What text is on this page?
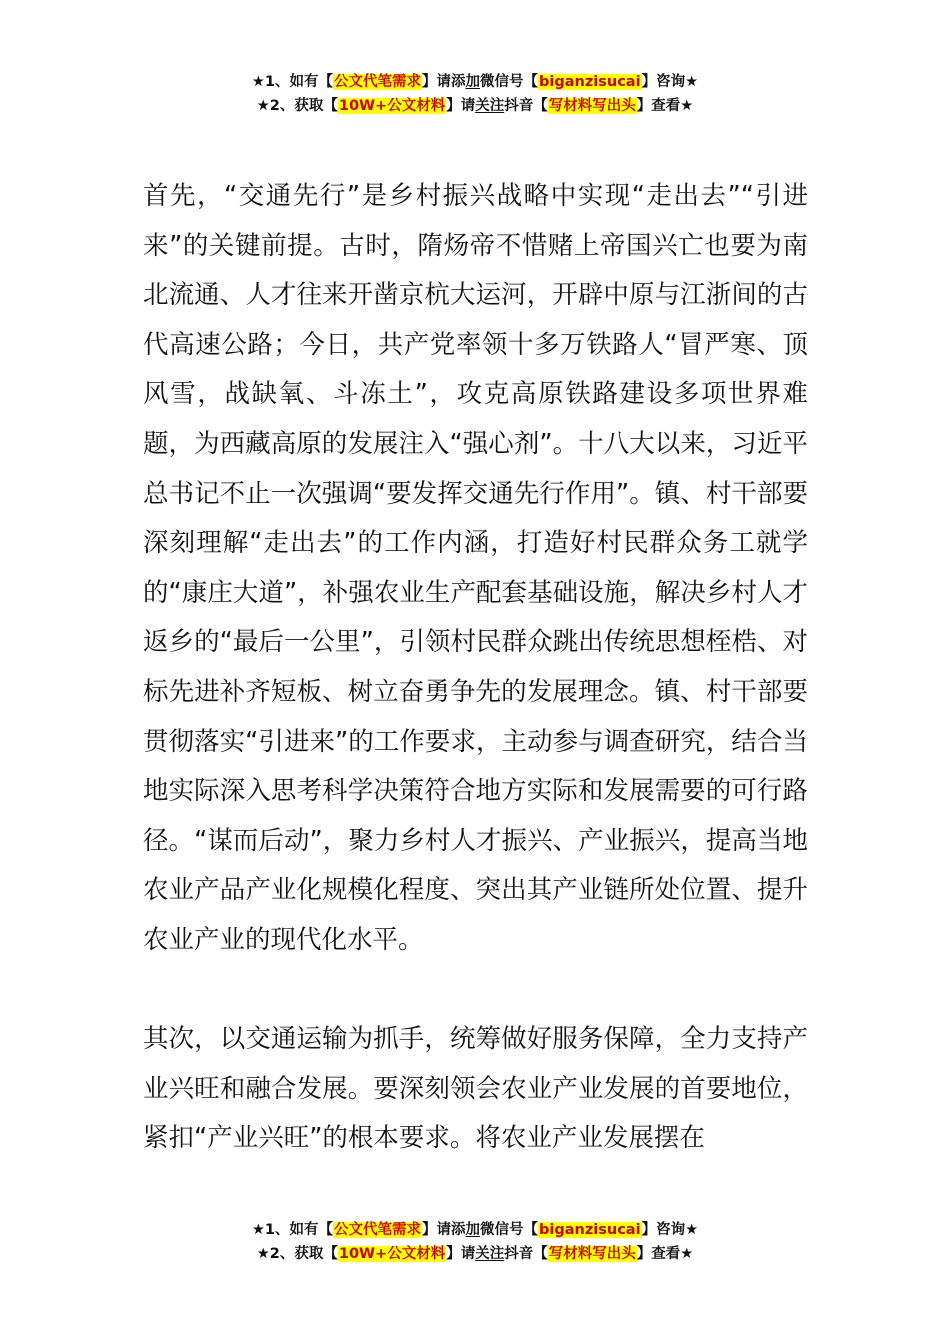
★1、如有【公文代笔需求】请添加微信号【biganzisucai】咨询★
★2、获取【10W+公文材料】请关注抖音【写材料写出头】查看★

首先，“交通先行”是乡村振兴战略中实现“走出去”“引进来”的关键前提。古时，隋炀帝不惜赌上帝国兴亡也要为南北流通、人才往来开凿京杭大运河，开辟中原与江浙间的古代高速公路；今日，共产党率领十多万铁路人“冒严寒、顶风雪，战缺氧、斗冻土”，攻克高原铁路建设多项世界难题，为西藏高原的发展注入“强心剂”。十八大以来，习近平总书记不止一次强调“要发挥交通先行作用”。镇、村干部要深刻理解“走出去”的工作内涵，打造好村民群众务工就学的“康庄大道”，补强农业生产配套基础设施，解决乡村人才返乡的“最后一公里”，引领村民群众跳出传统思想桎梏、对标先进补齐短板、树立奋勇争先的发展理念。镇、村干部要贯彻落实“引进来”的工作要求，主动参与调查研究，结合当地实际深入思考科学决策符合地方实际和发展需要的可行路径。“谋而后动”，聚力乡村人才振兴、产业振兴，提高当地农业产品产业化规模化程度、突出其产业链所处位置、提升农业产业的现代化水平。

其次，以交通运输为抓手，统筹做好服务保障，全力支持产业兴旺和融合发展。要深刻领会农业产业发展的首要地位，紧扣“产业兴旺”的根本要求。将农业产业发展摆在

★1、如有【公文代笔需求】请添加微信号【biganzisucai】咨询★
★2、获取【10W+公文材料】请关注抖音【写材料写出头】查看★
